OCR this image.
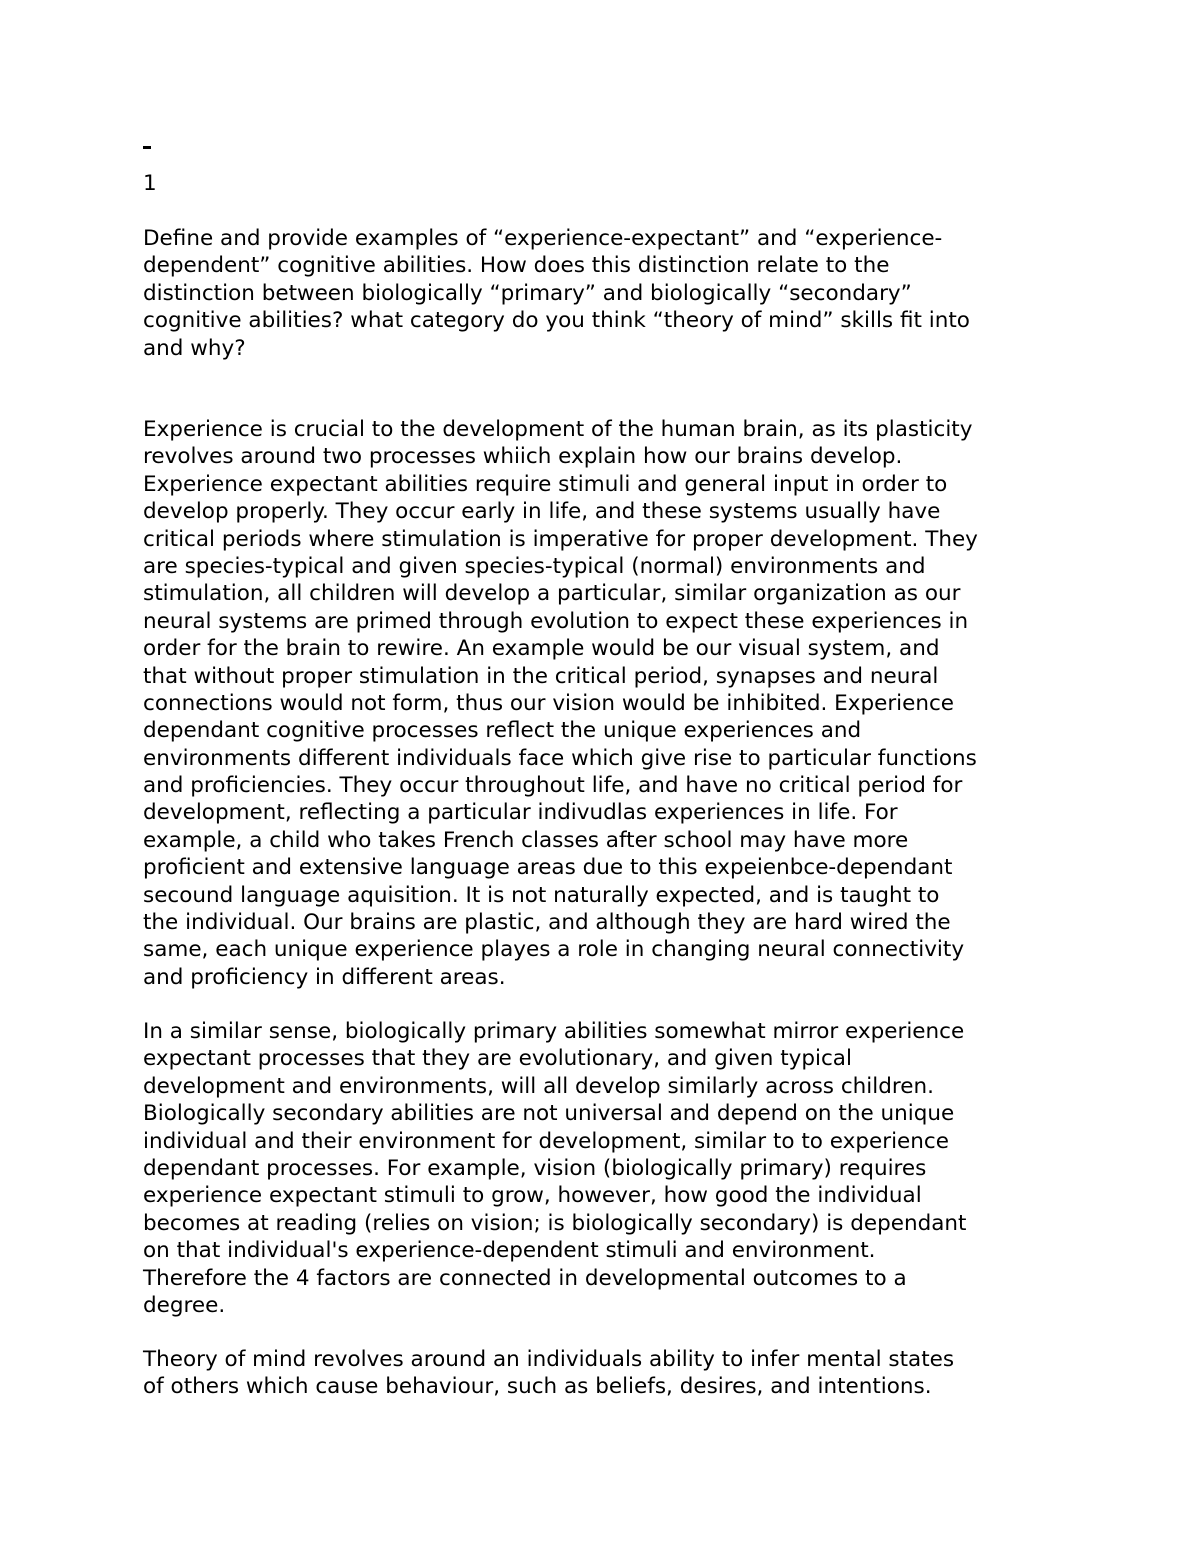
1
Define and provide examples of “experience-expectant” and “experience-
dependent” cognitive abilities. How does this distinction relate to the
distinction between biologically “primary” and biologically “secondary”
cognitive abilities? what category do you think “theory of mind” skills fit into
and why?
Experience is crucial to the development of the human brain, as its plasticity
revolves around two processes whiich explain how our brains develop.
Experience expectant abilities require stimuli and general input in order to
develop properly. They occur early in life, and these systems usually have
critical periods where stimulation is imperative for proper development. They
are species-typical and given species-typical (normal) environments and
stimulation, all children will develop a particular, similar organization as our
neural systems are primed through evolution to expect these experiences in
order for the brain to rewire. An example would be our visual system, and
that without proper stimulation in the critical period, synapses and neural
connections would not form, thus our vision would be inhibited. Experience
dependant cognitive processes reflect the unique experiences and
environments different individuals face which give rise to particular functions
and proficiencies. They occur throughout life, and have no critical period for
development, reflecting a particular indivudlas experiences in life. For
example, a child who takes French classes after school may have more
proficient and extensive language areas due to this expeienbce-dependant
secound language aquisition. It is not naturally expected, and is taught to
the individual. Our brains are plastic, and although they are hard wired the
same, each unique experience playes a role in changing neural connectivity
and proficiency in different areas.
In a similar sense, biologically primary abilities somewhat mirror experience
expectant processes that they are evolutionary, and given typical
development and environments, will all develop similarly across children.
Biologically secondary abilities are not universal and depend on the unique
individual and their environment for development, similar to to experience
dependant processes. For example, vision (biologically primary) requires
experience expectant stimuli to grow, however, how good the individual
becomes at reading (relies on vision; is biologically secondary) is dependant
on that individual's experience-dependent stimuli and environment.
Therefore the 4 factors are connected in developmental outcomes to a
degree.
Theory of mind revolves around an individuals ability to infer mental states
of others which cause behaviour, such as beliefs, desires, and intentions.
